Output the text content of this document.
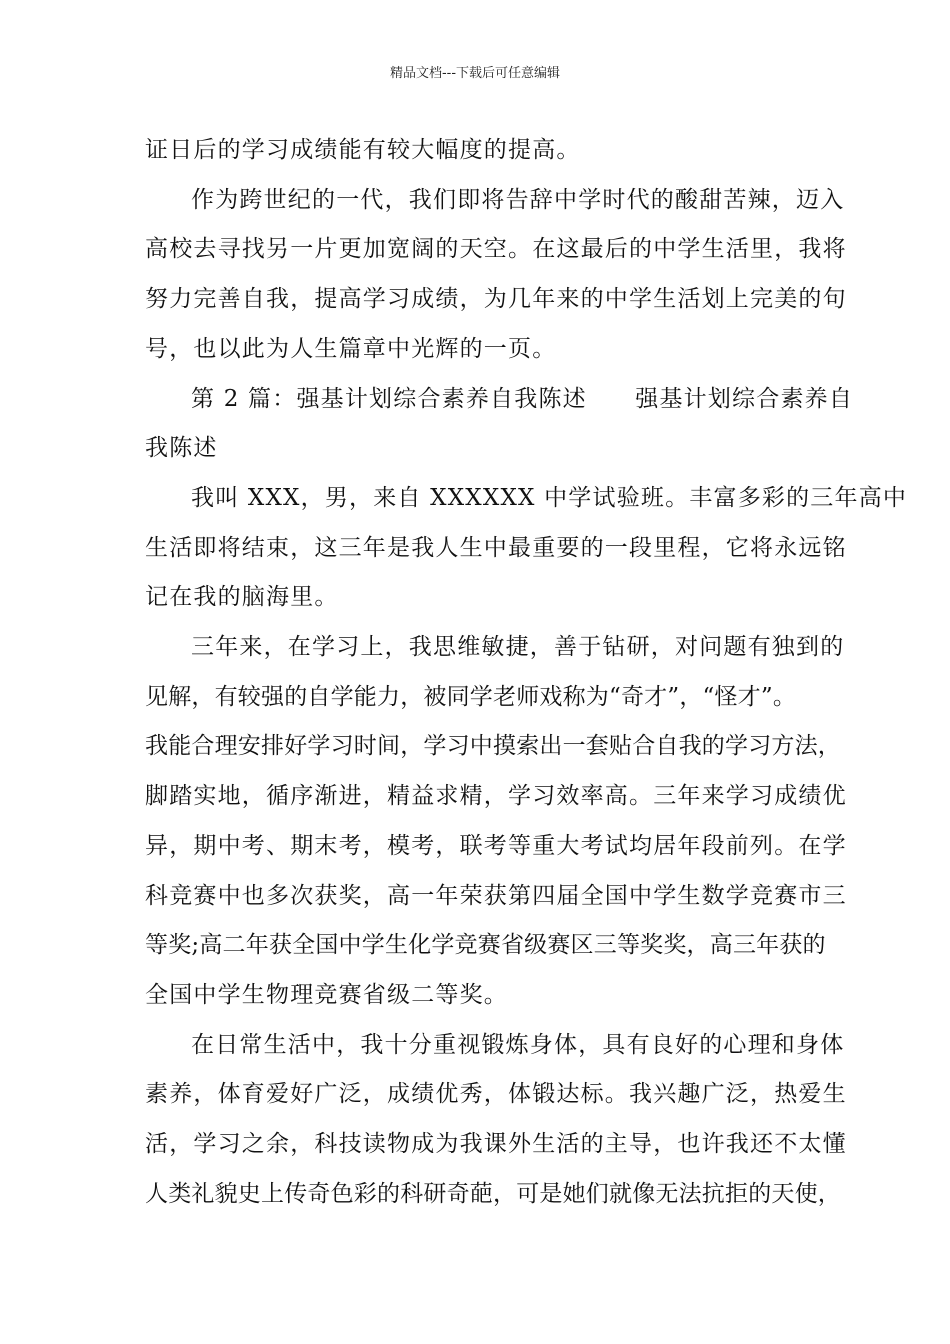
精品文档---下载后可任意编辑

证日后的学习成绩能有较大幅度的提高。

作为跨世纪的一代，我们即将告辞中学时代的酸甜苦辣，迈入
高校去寻找另一片更加宽阔的天空。在这最后的中学生活里，我将
努力完善自我，提高学习成绩，为几年来的中学生活划上完美的句
号，也以此为人生篇章中光辉的一页。

第 2 篇：强基计划综合素养自我陈述　　强基计划综合素养自
我陈述

我叫 XXX，男，来自 XXXXXX 中学试验班。丰富多彩的三年高中
生活即将结束，这三年是我人生中最重要的一段里程，它将永远铭
记在我的脑海里。

三年来，在学习上，我思维敏捷，善于钻研，对问题有独到的
见解，有较强的自学能力，被同学老师戏称为“奇才”，“怪才”。
我能合理安排好学习时间，学习中摸索出一套贴合自我的学习方法，
脚踏实地，循序渐进，精益求精，学习效率高。三年来学习成绩优
异，期中考、期末考，模考，联考等重大考试均居年段前列。在学
科竞赛中也多次获奖，高一年荣获第四届全国中学生数学竞赛市三
等奖;高二年获全国中学生化学竞赛省级赛区三等奖奖，高三年获的
全国中学生物理竞赛省级二等奖。

在日常生活中，我十分重视锻炼身体，具有良好的心理和身体
素养，体育爱好广泛，成绩优秀，体锻达标。我兴趣广泛，热爱生
活，学习之余，科技读物成为我课外生活的主导，也许我还不太懂
人类礼貌史上传奇色彩的科研奇葩，可是她们就像无法抗拒的天使，
